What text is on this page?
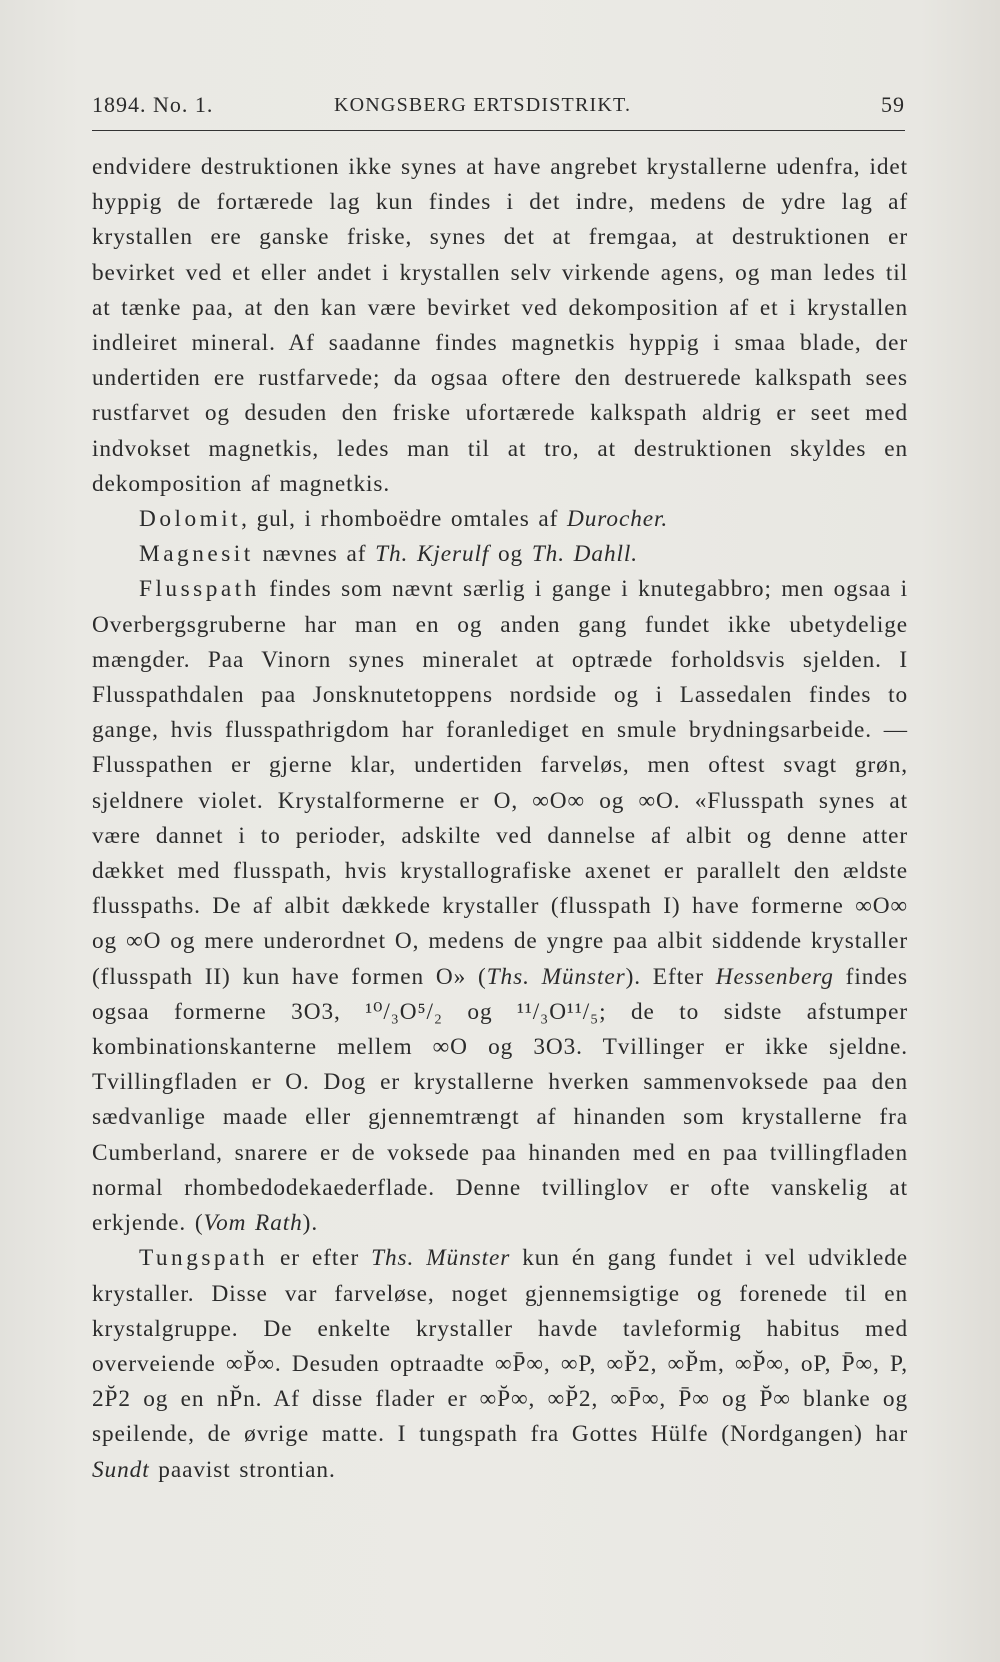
1894. No. 1.	KONGSBERG ERTSDISTRIKT.	59

endvidere destruktionen ikke synes at have angrebet krystallerne udenfra, idet hyppig de fortærede lag kun findes i det indre, medens de ydre lag af krystallen ere ganske friske, synes det at fremgaa, at destruktionen er bevirket ved et eller andet i krystallen selv virkende agens, og man ledes til at tænke paa, at den kan være bevirket ved dekomposition af et i krystallen indleiret mineral. Af saadanne findes magnetkis hyppig i smaa blade, der undertiden ere rustfarvede; da ogsaa oftere den destruerede kalkspath sees rustfarvet og desuden den friske ufortærede kalkspath aldrig er seet med indvokset magnetkis, ledes man til at tro, at destruktionen skyldes en dekomposition af magnetkis.

Dolomit, gul, i rhomboëdre omtales af Durocher.

Magnesit nævnes af Th. Kjerulf og Th. Dahll.

Flusspath findes som nævnt særlig i gange i knutegabbro; men ogsaa i Overbergsgruberne har man en og anden gang fundet ikke ubetydelige mængder. Paa Vinorn synes mineralet at optræde forholdsvis sjelden. I Flusspathdalen paa Jonsknutetoppens nordside og i Lassedalen findes to gange, hvis flusspathrigdom har foranlediget en smule brydningsarbeide. — Flusspathen er gjerne klar, undertiden farveløs, men oftest svagt grøn, sjeldnere violet. Krystalformerne er O, ∞O∞ og ∞O. «Flusspath synes at være dannet i to perioder, adskilte ved dannelse af albit og denne atter dækket med flusspath, hvis krystallografiske axenet er parallelt den ældste flusspaths. De af albit dækkede krystaller (flusspath I) have formerne ∞O∞ og ∞O og mere underordnet O, medens de yngre paa albit siddende krystaller (flusspath II) kun have formen O» (Ths. Münster). Efter Hessenberg findes ogsaa formerne 3O3, ¹⁰/₃O⁵/₂ og ¹¹/₃O¹¹/₅; de to sidste afstumper kombinationskanterne mellem ∞O og 3O3. Tvillinger er ikke sjeldne. Tvillingfladen er O. Dog er krystallerne hverken sammenvoksede paa den sædvanlige maade eller gjennemtrængt af hinanden som krystallerne fra Cumberland, snarere er de voksede paa hinanden med en paa tvillingfladen normal rhombedodekaederflade. Denne tvillinglov er ofte vanskelig at erkjende. (Vom Rath).

Tungspath er efter Ths. Münster kun én gang fundet i vel udviklede krystaller. Disse var farveløse, noget gjennemsigtige og forenede til en krystalgruppe. De enkelte krystaller havde tavleformig habitus med overveiende ∞P̆∞. Desuden optraadte ∞P̄∞, ∞P, ∞P̆2, ∞P̆m, ∞P̆∞, oP, P̄∞, P, 2P̆2 og en nP̆n. Af disse flader er ∞P̆∞, ∞P̆2, ∞P̄∞, P̄∞ og P̆∞ blanke og speilende, de øvrige matte. I tungspath fra Gottes Hülfe (Nordgangen) har Sundt paavist strontian.
